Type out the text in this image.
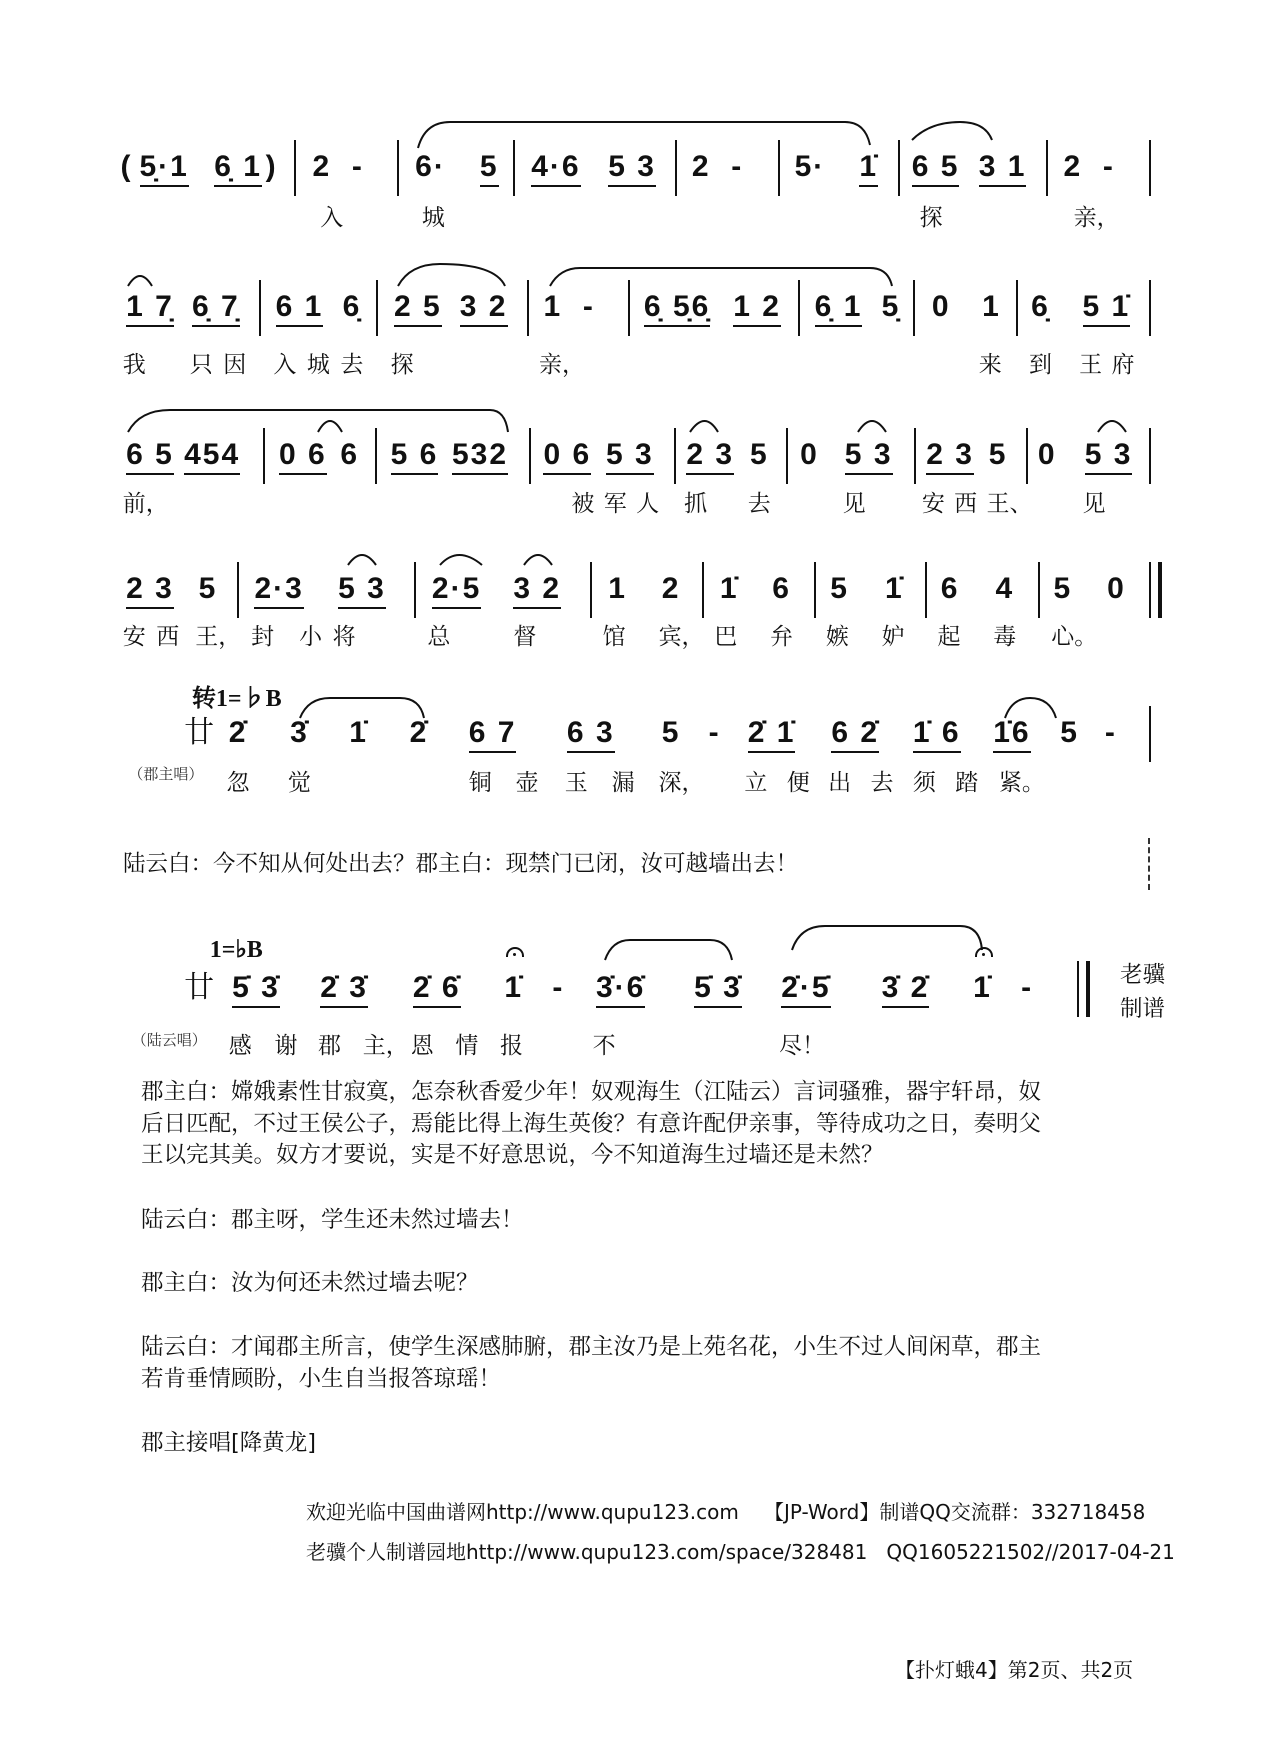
( 5̣·1 6̣ 1 ) 2  - 6· 5 4·6 5 3 2  - 5· 1̇ 6 5 3 1 2  -
入	城	探	亲，
1 7̣ 6̣ 7̣ 6 1 6̣ 2 5 3 2 1  - 6̣ 5̣6̣ 1 2 6̣ 1 5̣ 0 1 6̣ 5 1̇
我 只 因 入 城 去 探	亲，	来 到 王 府
6 5 454 0 6 6 5 6 532 0 6 5 3 2 3 5 0 5 3 2 3 5 0 5 3
前，	被 军 人 抓 去	见 安 西 王、 见
2 3 5 2·3 5 3 2·5 3 2 1 2 1̇ 6 5 1̇ 6 4 5 0
安 西 王， 封 小 将	总	督	馆 宾， 巴 弁 嫉 妒 起 毒 心。
2̇ 3̇ 1̇ 2̇ 6 7 6 3 5 - 2̇ 1̇ 6 2̇ 1̇ 6 1̇6 5 -
忽 觉	铜 壶 玉 漏 深， 立 便 出 去 须 踏 紧。
转1=♭B
廿
（郡主唱）
5̇ 3̇ 2̇ 3̇ 2̇ 6̇ 1̇ - 3̇·6̇ 5̇ 3̇ 2̇·5̇ 3̇ 2̇ 1̇ -
感 谢 郡 主， 恩 情 报	不	尽！
1=♭B
廿
（陆云唱）
老骥
制谱
陆云白：今不知从何处出去？郡主白：现禁门已闭，汝可越墙出去！
郡主白：嫦娥素性甘寂寞，怎奈秋香爱少年！奴观海生（江陆云）言词骚雅，器宇轩昂，奴
后日匹配，不过王侯公子，焉能比得上海生英俊？有意许配伊亲事，等待成功之日，奏明父
王以完其美。奴方才要说，实是不好意思说，今不知道海生过墙还是未然？
陆云白：郡主呀，学生还未然过墙去！
郡主白：汝为何还未然过墙去呢？
陆云白：才闻郡主所言，使学生深感肺腑，郡主汝乃是上苑名花，小生不过人间闲草，郡主
若肯垂情顾盼，小生自当报答琼瑶！
郡主接唱[降黄龙]
欢迎光临中国曲谱网http://www.qupu123.com 【JP-Word】制谱QQ交流群：332718458
老骥个人制谱园地http://www.qupu123.com/space/328481   QQ1605221502//2017-04-21
【扑灯蛾4】第2页、共2页
